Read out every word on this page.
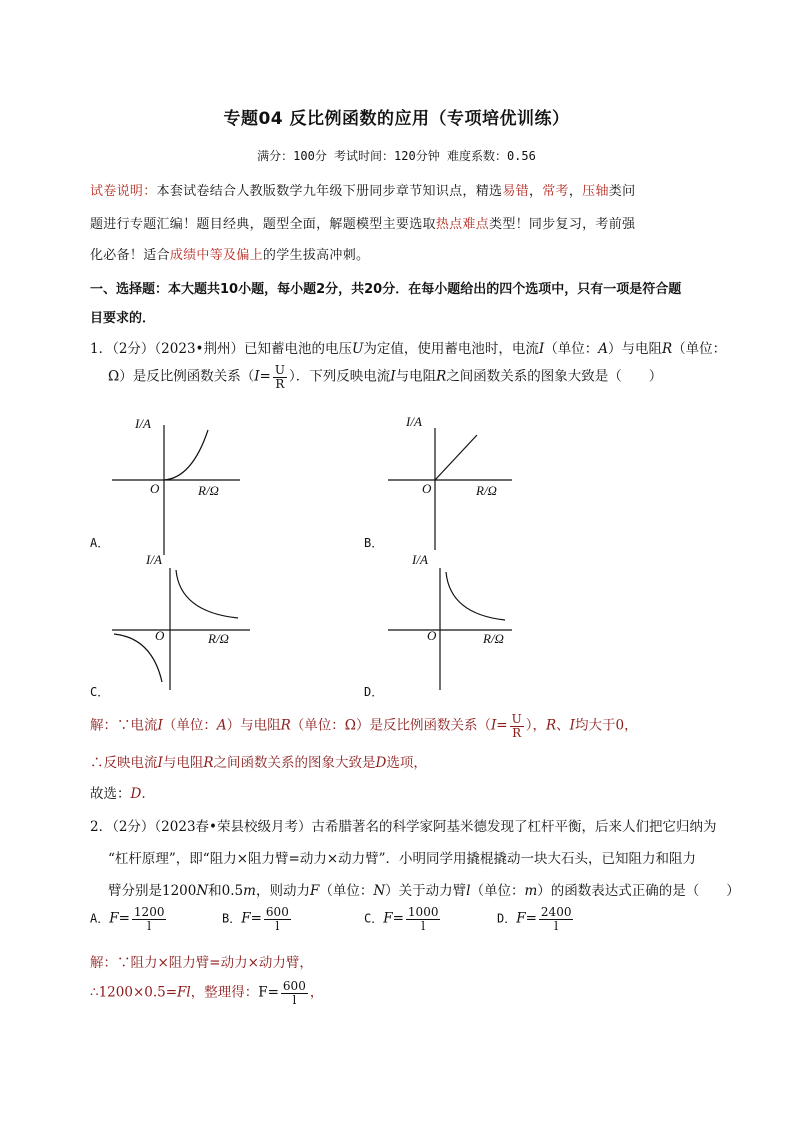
专题04 反比例函数的应用（专项培优训练）
满分：100分 考试时间：120分钟 难度系数：0.56
试卷说明：本套试卷结合人教版数学九年级下册同步章节知识点，精选易错，常考，压轴类问
题进行专题汇编！题目经典，题型全面，解题模型主要选取热点难点类型！同步复习，考前强
化必备！适合成绩中等及偏上的学生拔高冲刺。
一、选择题：本大题共10小题，每小题2分，共20分．在每小题给出的四个选项中，只有一项是符合题
目要求的．
1．（2分）（2023•荆州）已知蓄电池的电压U为定值，使用蓄电池时，电流I（单位：A）与电阻R（单位：
Ω）是反比例函数关系（$I= \frac{U}{R}$ ）．下列反映电流I与电阻R之间函数关系的图象大致是（　　）
I/A
R/Ω
O
I/A
R/Ω
O
I/A
R/Ω
O
I/A
R/Ω
O
A．	B．
C．	D．
解：∵电流I（单位：A）与电阻R（单位：Ω）是反比例函数关系（$I= \frac{U}{R}$ ），R、I均大于0，
∴反映电流I与电阻R之间函数关系的图象大致是D选项，
故选：D.
2．（2分）（2023春•荣县校级月考）古希腊著名的科学家阿基米德发现了杠杆平衡，后来人们把它归纳为
“杠杆原理”，即“阻力×阻力臂=动力×动力臂”．小明同学用撬棍撬动一块大石头，已知阻力和阻力
臂分别是1200N和0.5m，则动力F（单位：N）关于动力臂l（单位：m）的函数表达式正确的是（　　）
A．$F= \frac{1200}{l}$	B．$F= \frac{600}{l}$	C．$F= \frac{1000}{l}$	D．$F= \frac{2400}{l}$
解：∵阻力×阻力臂=动力×动力臂，
∴1200×0.5=Fl，整理得：$F= \frac{600}{l}$ ，
